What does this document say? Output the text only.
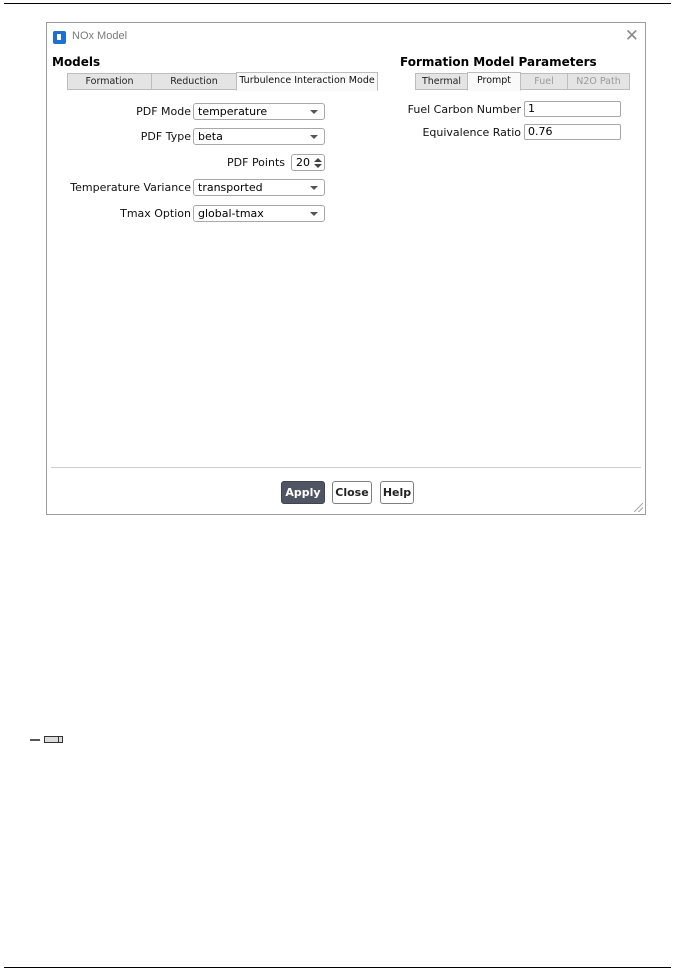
NOx Model	✕
Models
Formation	Reduction	Turbulence Interaction Mode
PDF Mode temperature
PDF Type beta
PDF Points	20
Temperature Variance transported
Tmax Option global-tmax
Formation Model Parameters
Thermal	Prompt	Fuel	N2O Path
Fuel Carbon Number 1
Equivalence Ratio 0.76
Apply	Close Help
